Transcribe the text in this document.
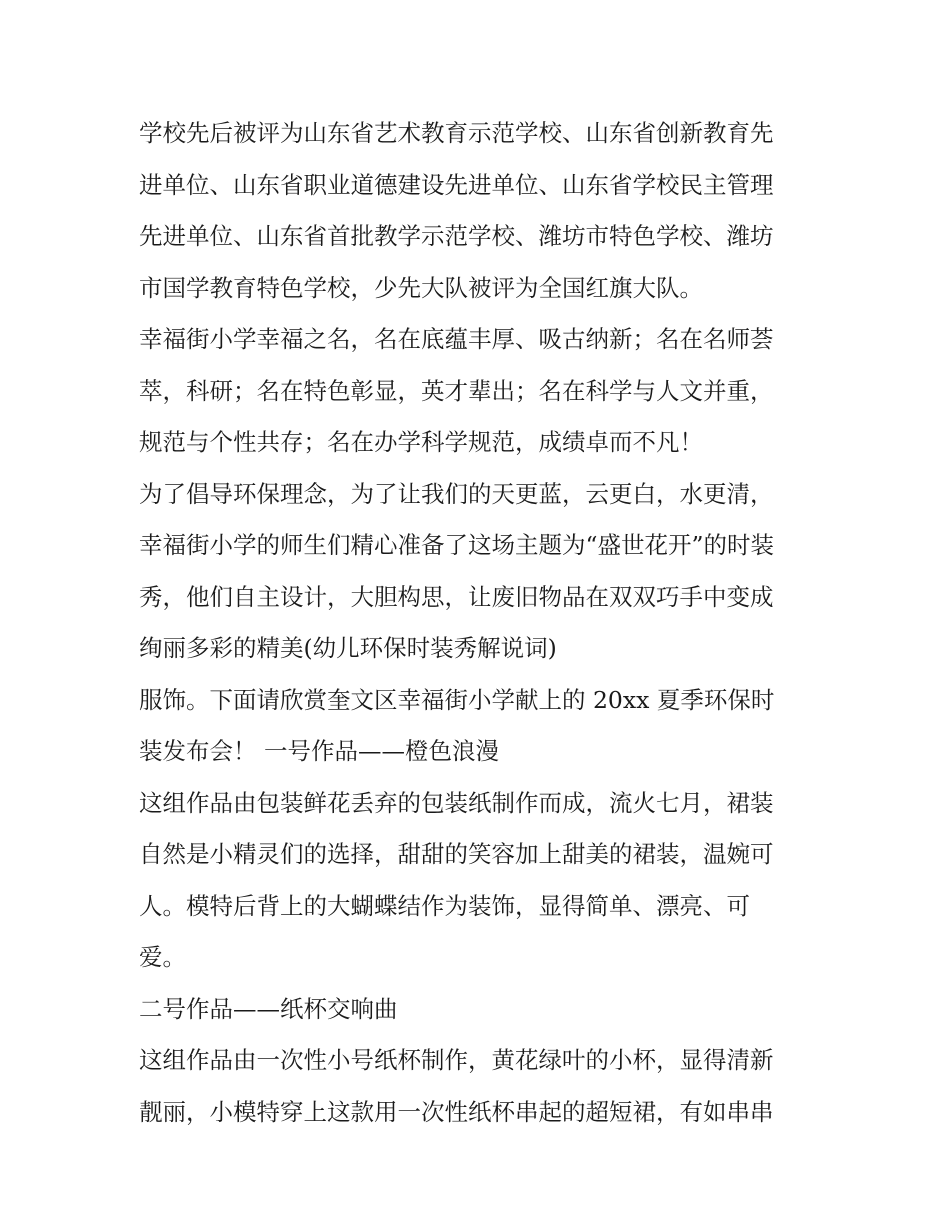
学校先后被评为山东省艺术教育示范学校、山东省创新教育先
进单位、山东省职业道德建设先进单位、山东省学校民主管理
先进单位、山东省首批教学示范学校、潍坊市特色学校、潍坊
市国学教育特色学校，少先大队被评为全国红旗大队。
幸福街小学幸福之名，名在底蕴丰厚、吸古纳新；名在名师荟
萃，科研；名在特色彰显，英才辈出；名在科学与人文并重，
规范与个性共存；名在办学科学规范，成绩卓而不凡！
为了倡导环保理念，为了让我们的天更蓝，云更白，水更清，
幸福街小学的师生们精心准备了这场主题为“盛世花开”的时装
秀，他们自主设计，大胆构思，让废旧物品在双双巧手中变成
绚丽多彩的精美(幼儿环保时装秀解说词)
服饰。下面请欣赏奎文区幸福街小学献上的 20xx 夏季环保时
装发布会！ 一号作品——橙色浪漫
这组作品由包装鲜花丢弃的包装纸制作而成，流火七月，裙装
自然是小精灵们的选择，甜甜的笑容加上甜美的裙装，温婉可
人。模特后背上的大蝴蝶结作为装饰，显得简单、漂亮、可
爱。
二号作品——纸杯交响曲
这组作品由一次性小号纸杯制作，黄花绿叶的小杯，显得清新
靓丽，小模特穿上这款用一次性纸杯串起的超短裙，有如串串
